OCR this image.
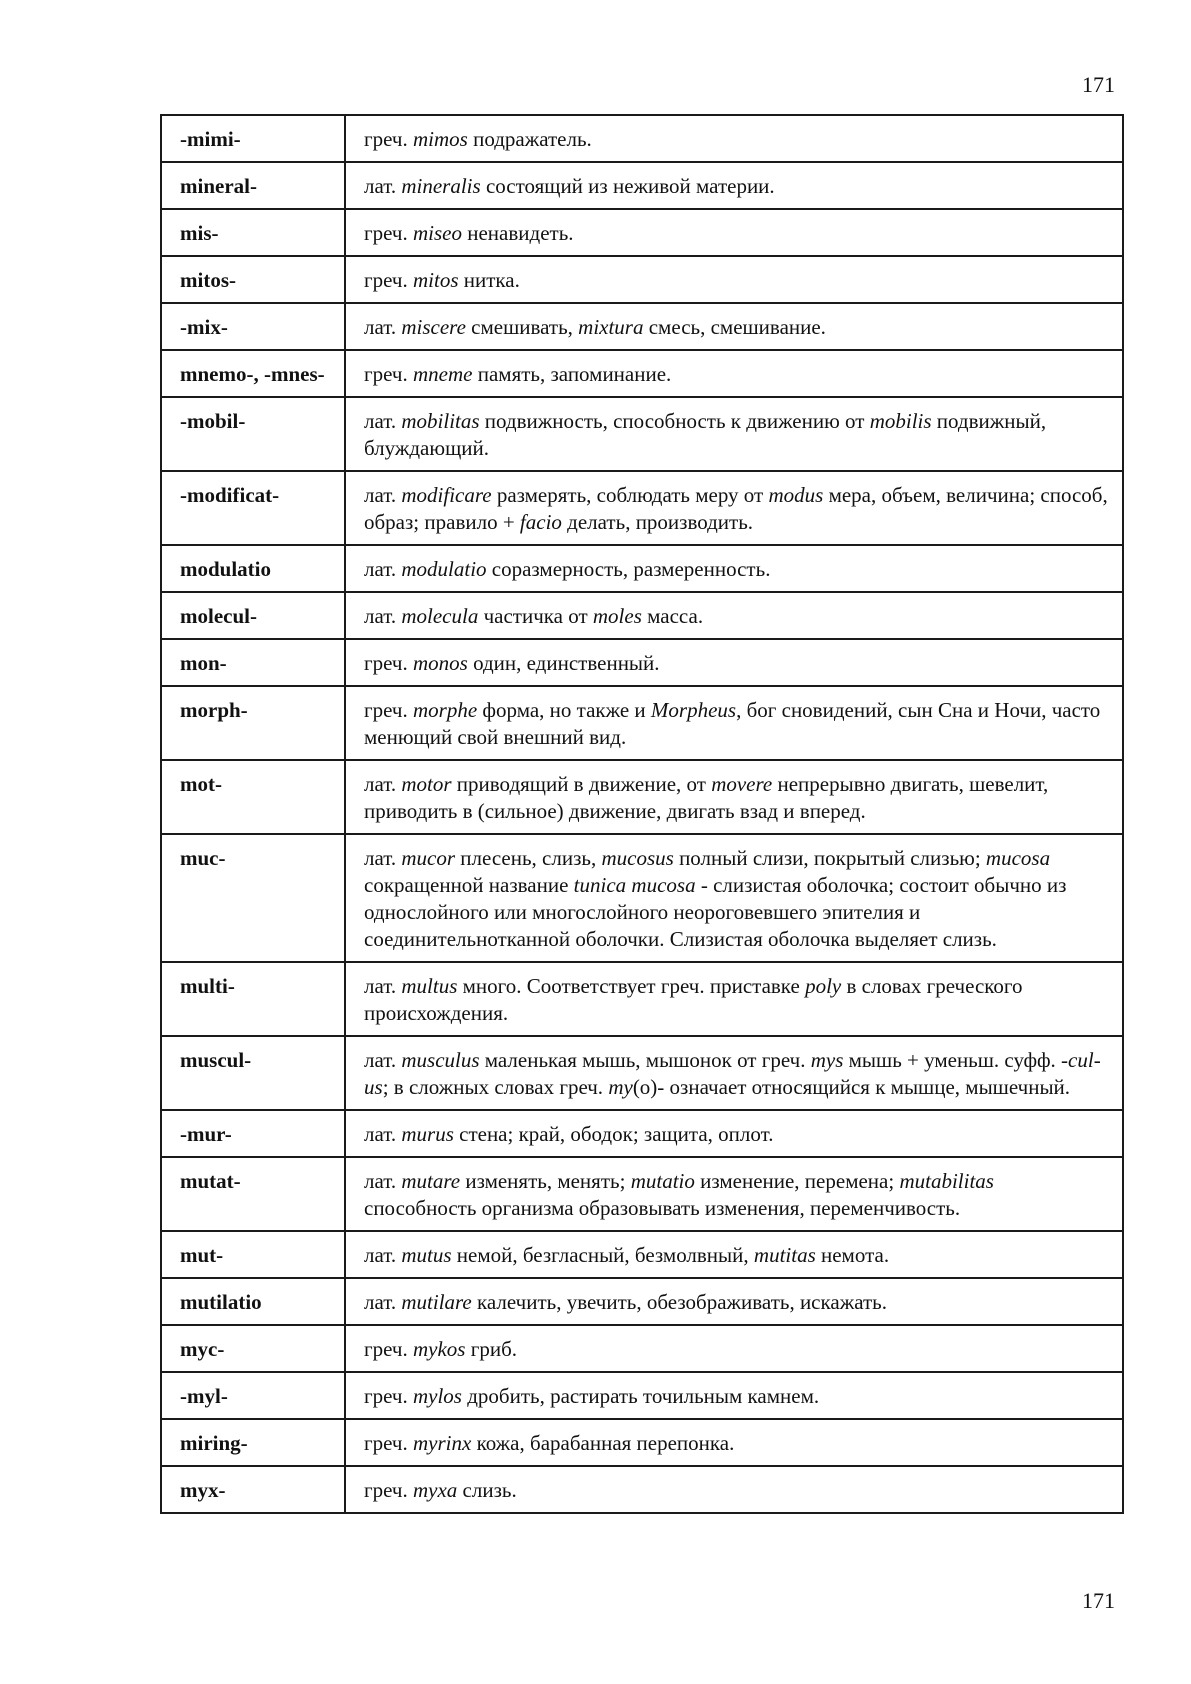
171
-mimi-	греч. mimos подражатель.
mineral-	лат. mineralis состоящий из неживой материи.
mis-	греч. miseo ненавидеть.
mitos-	греч. mitos нитка.
-mix-	лат. miscere смешивать, mixtura смесь, смешивание.
mnemo-, -mnes-	греч. mneme память, запоминание.
-mobil-	лат. mobilitas подвижность, способность к движению от mobilis подвижный, блуждающий.
-modificat-	лат. modificare размерять, соблюдать меру от modus мера, объем, величина; способ, образ; правило + facio делать, производить.
modulatio	лат. modulatio соразмерность, размеренность.
molecul-	лат. molecula частичка от moles масса.
mon-	греч. monos один, единственный.
morph-	греч. morphe форма, но также и Morpheus, бог сновидений, сын Сна и Ночи, часто менющий свой внешний вид.
mot-	лат. motor приводящий в движение, от movere непрерывно двигать, шевелит, приводить в (сильное) движение, двигать взад и вперед.
muc-	лат. mucor плесень, слизь, mucosus полный слизи, покрытый слизью; mucosa сокращенной название tunica mucosa - слизистая оболочка; состоит обычно из однослойного или многослойного неороговевшего эпителия и соединительнотканной оболочки. Слизистая оболочка выделяет слизь.
multi-	лат. multus много. Соответствует греч. приставке poly в словах греческого происхождения.
muscul-	лат. musculus маленькая мышь, мышонок от греч. mys мышь + уменьш. суфф. -cul-us; в сложных словах греч. my(o)- означает относящийся к мышце, мышечный.
-mur-	лат. murus стена; край, ободок; защита, оплот.
mutat-	лат. mutare изменять, менять; mutatio изменение, перемена; mutabilitas способность организма образовывать изменения, переменчивость.
mut-	лат. mutus немой, безгласный, безмолвный, mutitas немота.
mutilatio	лат. mutilare калечить, увечить, обезображивать, искажать.
myc-	греч. mykos гриб.
-myl-	греч. mylos дробить, растирать точильным камнем.
miring-	греч. myrinx кожа, барабанная перепонка.
myx-	греч. myxa слизь.
171
